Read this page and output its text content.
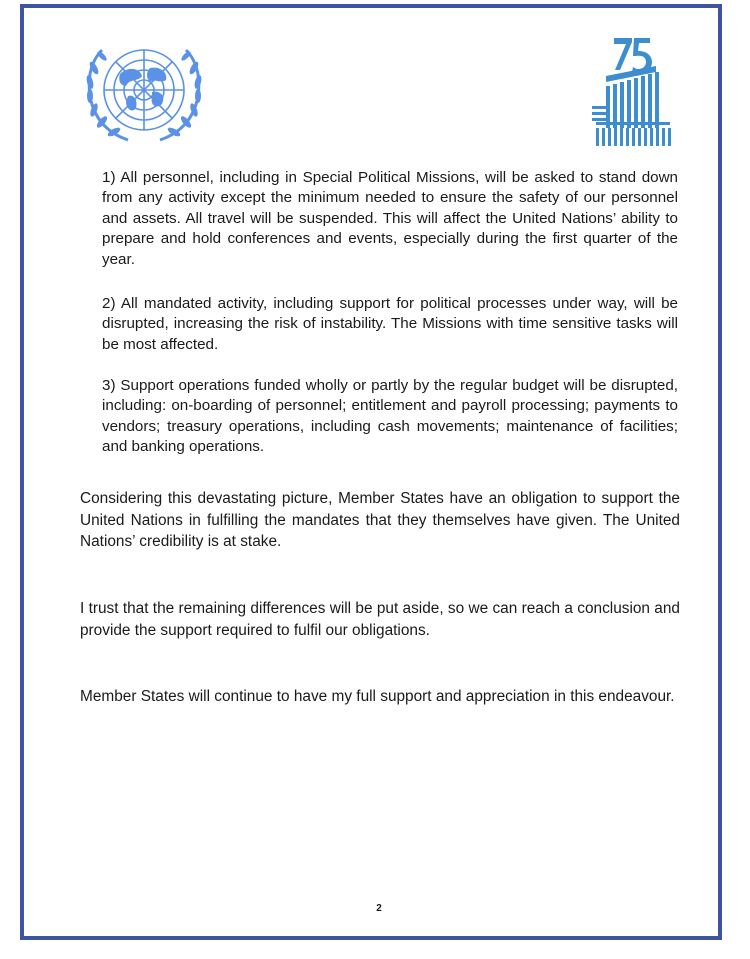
1) All personnel, including in Special Political Missions, will be asked to stand down from any activity except the minimum needed to ensure the safety of our personnel and assets. All travel will be suspended. This will affect the United Nations’ ability to prepare and hold conferences and events, especially during the first quarter of the year.

2) All mandated activity, including support for political processes under way, will be disrupted, increasing the risk of instability. The Missions with time sensitive tasks will be most affected.

3) Support operations funded wholly or partly by the regular budget will be disrupted, including: on-boarding of personnel; entitlement and payroll processing; payments to vendors; treasury operations, including cash movements; maintenance of facilities; and banking operations.

Considering this devastating picture, Member States have an obligation to support the United Nations in fulfilling the mandates that they themselves have given. The United Nations’ credibility is at stake.

I trust that the remaining differences will be put aside, so we can reach a conclusion and provide the support required to fulfil our obligations.

Member States will continue to have my full support and appreciation in this endeavour.

2
